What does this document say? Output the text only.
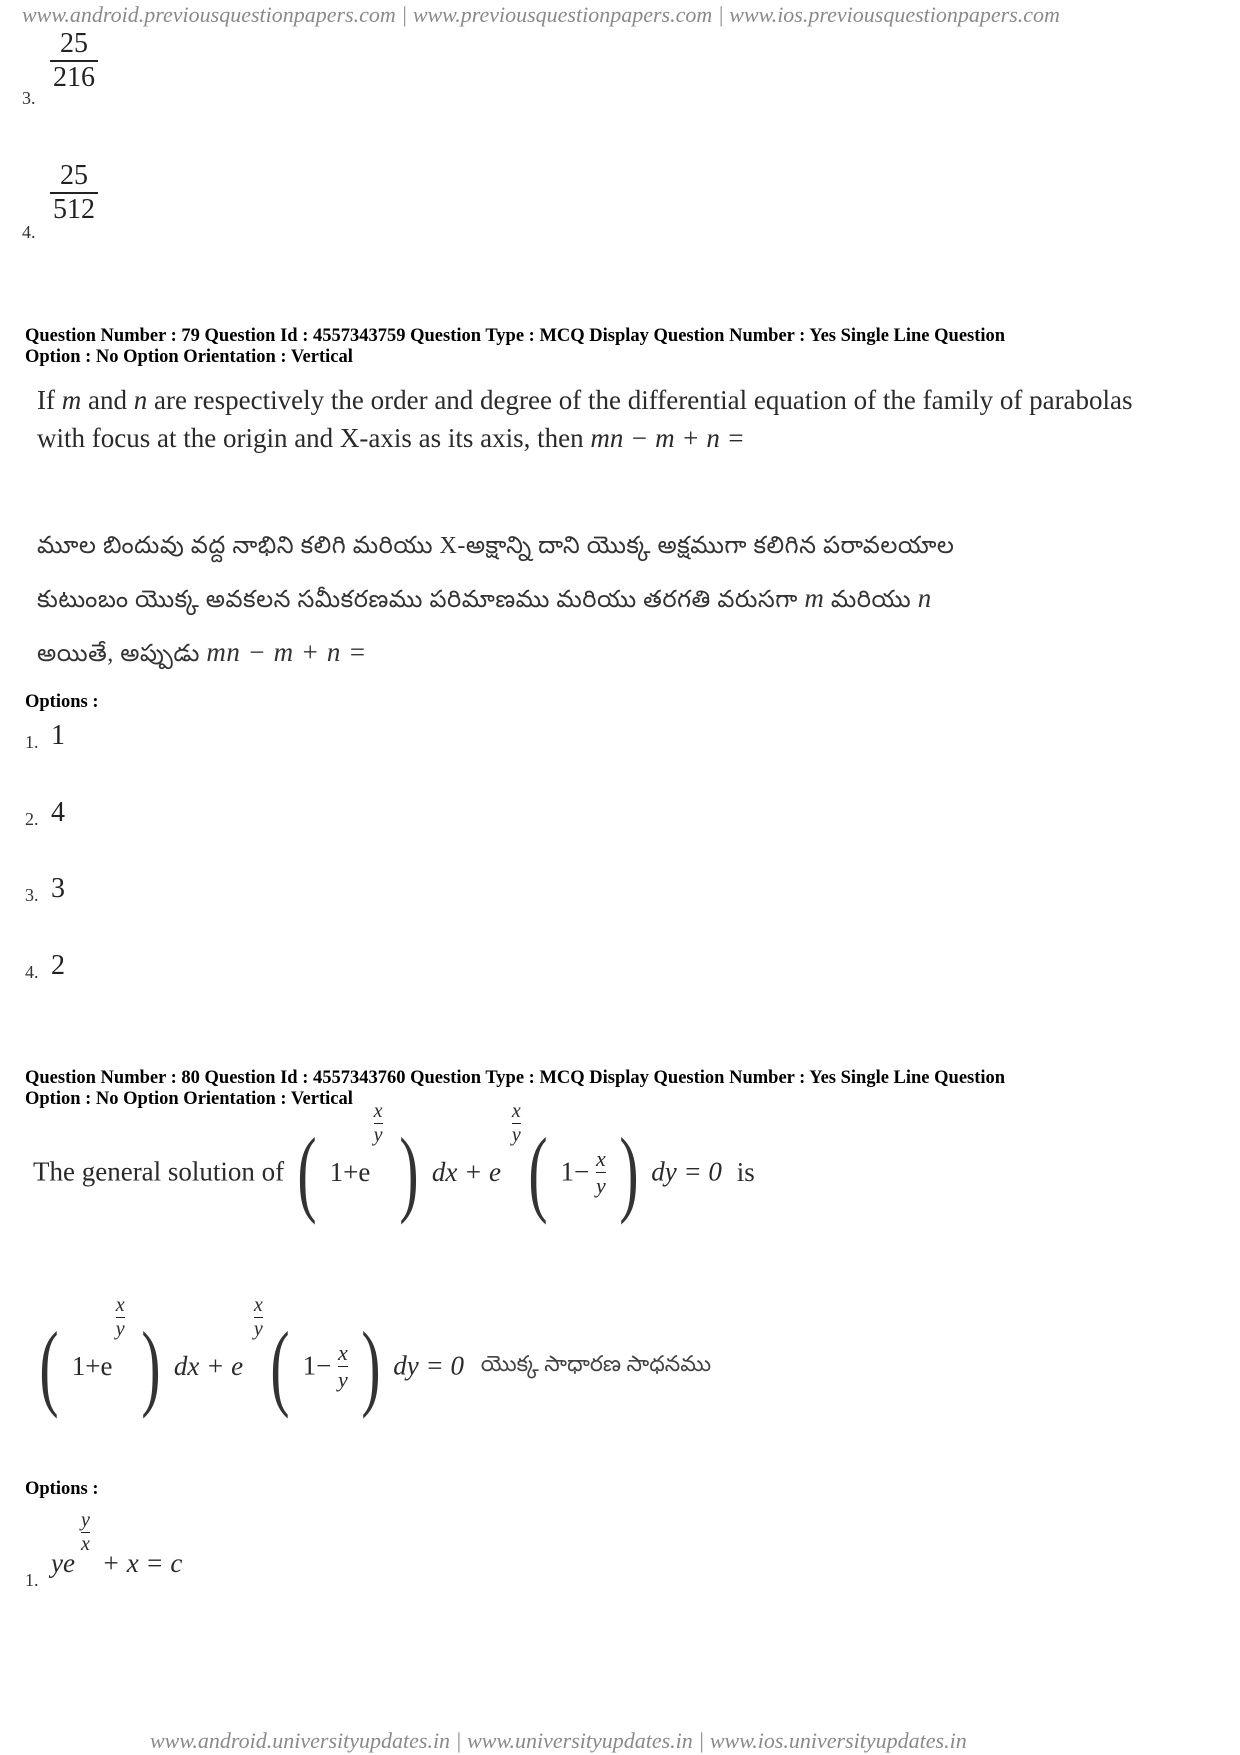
www.android.previousquestionpapers.com | www.previousquestionpapers.com | www.ios.previousquestionpapers.com
3.
25
216
4.
25
512
Question Number : 79 Question Id : 4557343759 Question Type : MCQ Display Question Number : Yes Single Line Question
Option : No Option Orientation : Vertical
If m and n are respectively the order and degree of the differential equation of the family of parabolas with focus at the origin and X-axis as its axis, then mn − m + n =
మూల బిందువు వద్ద నాభిని కలిగి మరియు X-అక్షాన్ని దాని యొక్క అక్షముగా కలిగిన పరావలయాల
కుటుంబం యొక్క అవకలన సమీకరణము పరిమాణము మరియు తరగతి వరుసగా m మరియు n
అయితే, అప్పుడు mn − m + n =
Options :
1. 1
2. 4
3. 3
4. 2
Question Number : 80 Question Id : 4557343760 Question Type : MCQ Display Question Number : Yes Single Line Question
Option : No Option Orientation : Vertical
The general solution of ( 1+e
x
y ) dx + e
x
y ( $1- \frac{x}{y}$ ) dy = 0 is
( 1+e
x
y ) dx + e
x
y ( $1- \frac{x}{y}$ ) dy = 0 యొక్క సాధారణ సాధనము
Options :
1.
ye
y
x
+ x = c
www.android.universityupdates.in | www.universityupdates.in | www.ios.universityupdates.in
